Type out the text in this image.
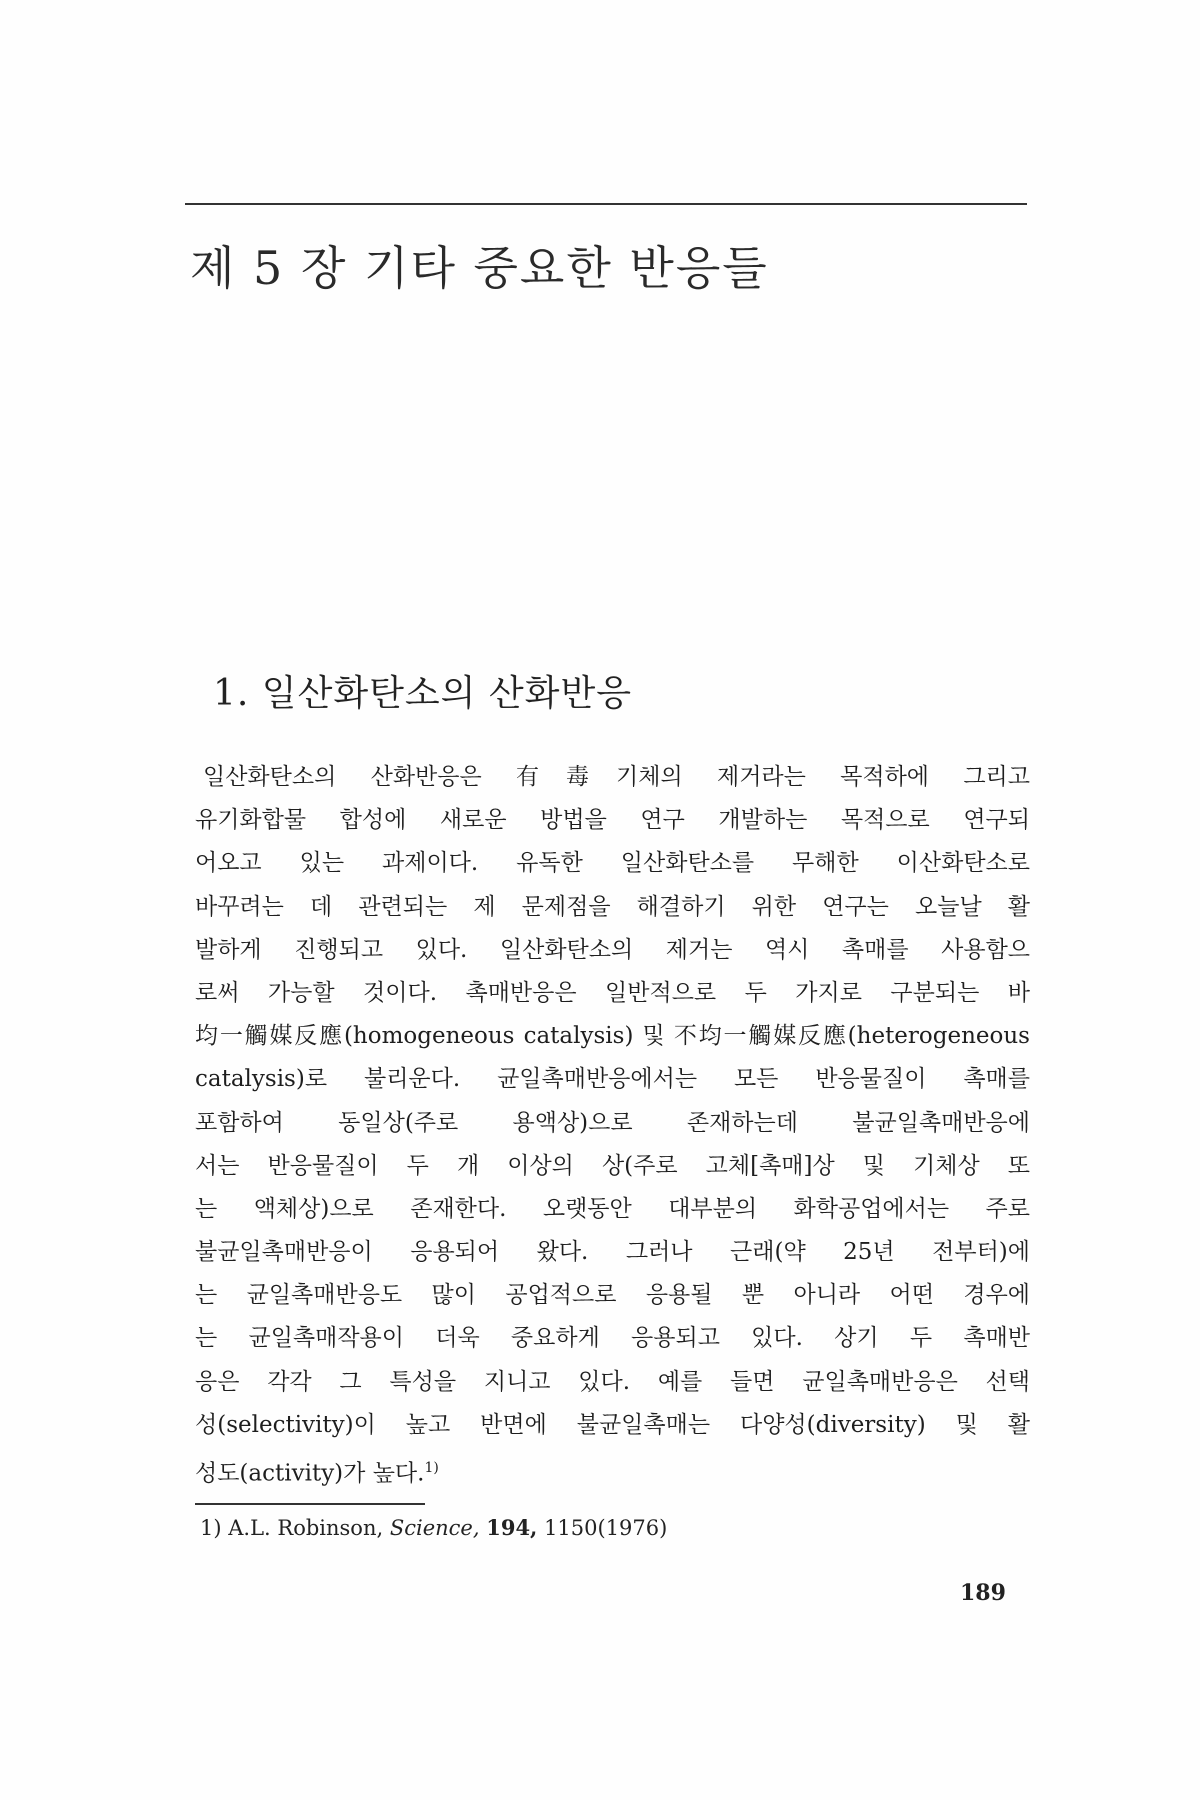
제 5 장 기타 중요한 반응들
1. 일산화탄소의 산화반응
일산화탄소의 산화반응은 有毒기체의 제거라는 목적하에 그리고
유기화합물 합성에 새로운 방법을 연구 개발하는 목적으로 연구되
어오고 있는 과제이다. 유독한 일산화탄소를 무해한 이산화탄소로
바꾸려는 데 관련되는 제 문제점을 해결하기 위한 연구는 오늘날 활
발하게 진행되고 있다. 일산화탄소의 제거는 역시 촉매를 사용함으
로써 가능할 것이다. 촉매반응은 일반적으로 두 가지로 구분되는 바
均一觸媒反應(homogeneous catalysis) 및 不均一觸媒反應(heterogeneous
catalysis)로 불리운다. 균일촉매반응에서는 모든 반응물질이 촉매를
포함하여 동일상(주로 용액상)으로 존재하는데 불균일촉매반응에
서는 반응물질이 두 개 이상의 상(주로 고체[촉매]상 및 기체상 또
는 액체상)으로 존재한다. 오랫동안 대부분의 화학공업에서는 주로
불균일촉매반응이 응용되어 왔다. 그러나 근래(약 25년 전부터)에
는 균일촉매반응도 많이 공업적으로 응용될 뿐 아니라 어떤 경우에
는 균일촉매작용이 더욱 중요하게 응용되고 있다. 상기 두 촉매반
응은 각각 그 특성을 지니고 있다. 예를 들면 균일촉매반응은 선택
성(selectivity)이 높고 반면에 불균일촉매는 다양성(diversity) 및 활
성도(activity)가 높다.$^{1)}$
1) A.L. Robinson, Science, 194, 1150(1976)
189
